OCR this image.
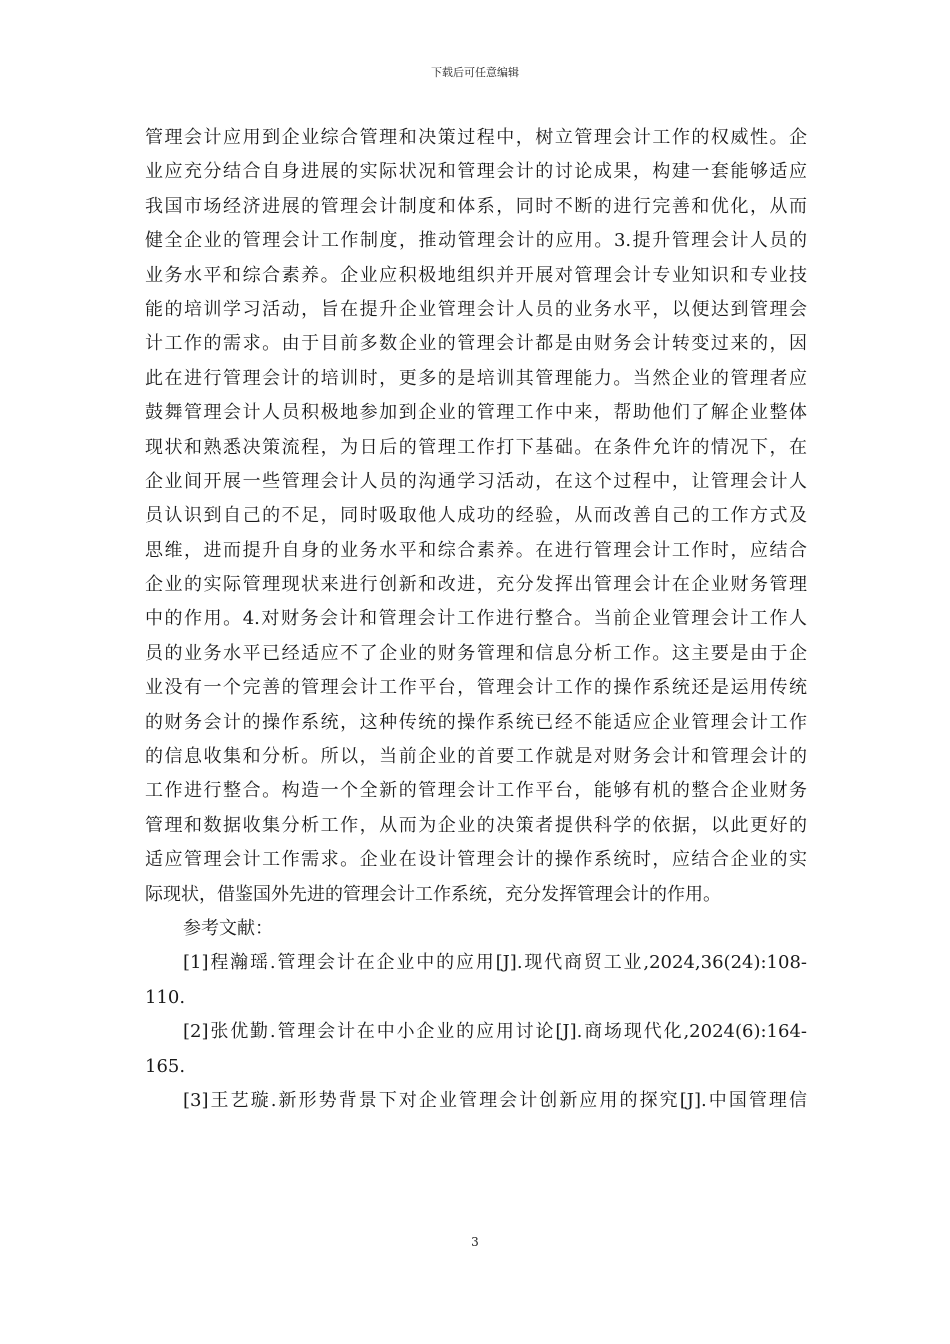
下载后可任意编辑
管理会计应用到企业综合管理和决策过程中，树立管理会计工作的权威性。企
业应充分结合自身进展的实际状况和管理会计的讨论成果，构建一套能够适应
我国市场经济进展的管理会计制度和体系，同时不断的进行完善和优化，从而
健全企业的管理会计工作制度，推动管理会计的应用。3.提升管理会计人员的
业务水平和综合素养。企业应积极地组织并开展对管理会计专业知识和专业技
能的培训学习活动，旨在提升企业管理会计人员的业务水平，以便达到管理会
计工作的需求。由于目前多数企业的管理会计都是由财务会计转变过来的，因
此在进行管理会计的培训时，更多的是培训其管理能力。当然企业的管理者应
鼓舞管理会计人员积极地参加到企业的管理工作中来，帮助他们了解企业整体
现状和熟悉决策流程，为日后的管理工作打下基础。在条件允许的情况下，在
企业间开展一些管理会计人员的沟通学习活动，在这个过程中，让管理会计人
员认识到自己的不足，同时吸取他人成功的经验，从而改善自己的工作方式及
思维，进而提升自身的业务水平和综合素养。在进行管理会计工作时，应结合
企业的实际管理现状来进行创新和改进，充分发挥出管理会计在企业财务管理
中的作用。4.对财务会计和管理会计工作进行整合。当前企业管理会计工作人
员的业务水平已经适应不了企业的财务管理和信息分析工作。这主要是由于企
业没有一个完善的管理会计工作平台，管理会计工作的操作系统还是运用传统
的财务会计的操作系统，这种传统的操作系统已经不能适应企业管理会计工作
的信息收集和分析。所以，当前企业的首要工作就是对财务会计和管理会计的
工作进行整合。构造一个全新的管理会计工作平台，能够有机的整合企业财务
管理和数据收集分析工作，从而为企业的决策者提供科学的依据，以此更好的
适应管理会计工作需求。企业在设计管理会计的操作系统时，应结合企业的实
际现状，借鉴国外先进的管理会计工作系统，充分发挥管理会计的作用。
参考文献：
[1]程瀚瑶.管理会计在企业中的应用[J].现代商贸工业,2024,36(24):108-
110.
[2]张优勤.管理会计在中小企业的应用讨论[J].商场现代化,2024(6):164-
165.
[3]王艺璇.新形势背景下对企业管理会计创新应用的探究[J].中国管理信
3
